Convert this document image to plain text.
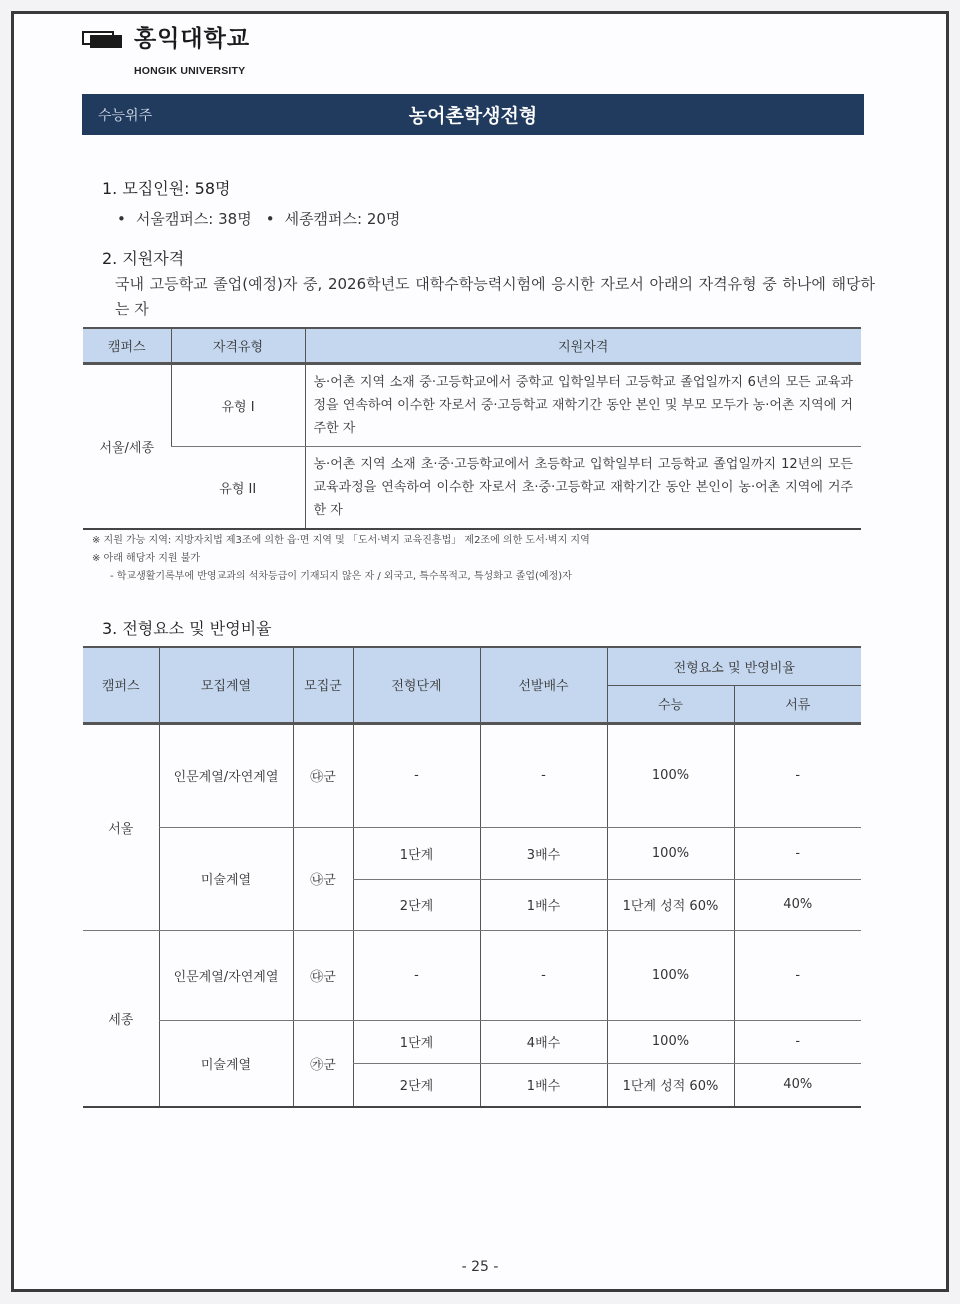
홍익대학교
HONGIK UNIVERSITY
수능위주	농어촌학생전형
1. 모집인원: 58명
• 서울캠퍼스: 38명 • 세종캠퍼스: 20명
2. 지원자격
국내 고등학교 졸업(예정)자 중, 2026학년도 대학수학능력시험에 응시한 자로서 아래의 자격유형 중 하나에 해당하는 자
캠퍼스	자격유형	지원자격
서울/세종	유형 I	농·어촌 지역 소재 중·고등학교에서 중학교 입학일부터 고등학교 졸업일까지 6년의 모든 교육과정을 연속하여 이수한 자로서 중·고등학교 재학기간 동안 본인 및 부모 모두가 농·어촌 지역에 거주한 자
	유형 II	농·어촌 지역 소재 초·중·고등학교에서 초등학교 입학일부터 고등학교 졸업일까지 12년의 모든 교육과정을 연속하여 이수한 자로서 초·중·고등학교 재학기간 동안 본인이 농·어촌 지역에 거주한 자
※ 지원 가능 지역: 지방자치법 제3조에 의한 읍·면 지역 및 「도서·벽지 교육진흥법」 제2조에 의한 도서·벽지 지역
※ 아래 해당자 지원 불가
- 학교생활기록부에 반영교과의 석차등급이 기재되지 않은 자 / 외국고, 특수목적고, 특성화고 졸업(예정)자
3. 전형요소 및 반영비율
캠퍼스	모집계열	모집군	전형단계	선발배수	전형요소 및 반영비율	
					수능	서류
서울	인문계열/자연계열	㉰군	-	-	100%	-
	미술계열	㉯군	1단계	3배수	100%	-
			2단계	1배수	1단계 성적 60%	40%
세종	인문계열/자연계열	㉰군	-	-	100%	-
	미술계열	㉮군	1단계	4배수	100%	-
			2단계	1배수	1단계 성적 60%	40%
- 25 -
